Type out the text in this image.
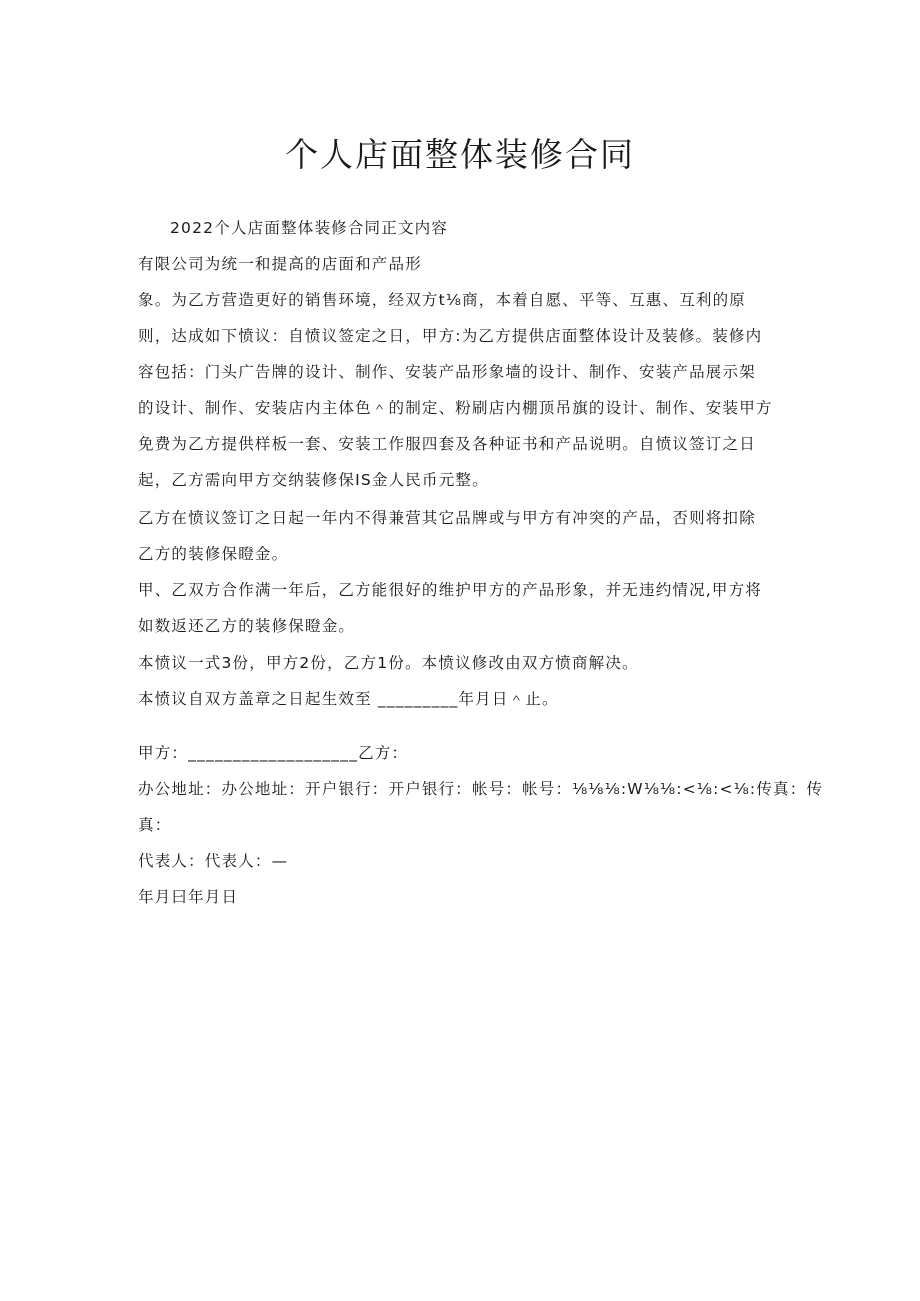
个人店面整体装修合同
2022个人店面整体装修合同正文内容
有限公司为统一和提高的店面和产品形
象。为乙方营造更好的销售环境，经双方t⅛商，本着自愿、平等、互惠、互利的原
则，达成如下愤议：自愤议签定之日，甲方:为乙方提供店面整体设计及装修。装修内
容包括：门头广告牌的设计、制作、安装产品形象墙的设计、制作、安装产品展示架
的设计、制作、安装店内主体色＾的制定、粉刷店内棚顶吊旗的设计、制作、安装甲方
免费为乙方提供样板一套、安装工作服四套及各种证书和产品说明。自愤议签订之日
起，乙方需向甲方交纳装修保IS金人民币元整。
乙方在愤议签订之日起一年内不得兼营其它品牌或与甲方有冲突的产品，否则将扣除
乙方的装修保瞪金。
甲、乙双方合作满一年后，乙方能很好的维护甲方的产品形象，并无违约情况,甲方将
如数返还乙方的装修保瞪金。
本愤议一式3份，甲方2份，乙方1份。本愤议修改由双方愤商解决。
本愤议自双方盖章之日起生效至 _________年月日＾止。
甲方：___________________乙方：
办公地址：办公地址：开户银行：开户银行：帐号：帐号：⅛⅛⅛:W⅛⅛:<⅛:<⅛:传真：传
真：
代表人：代表人：—
年月曰年月日
